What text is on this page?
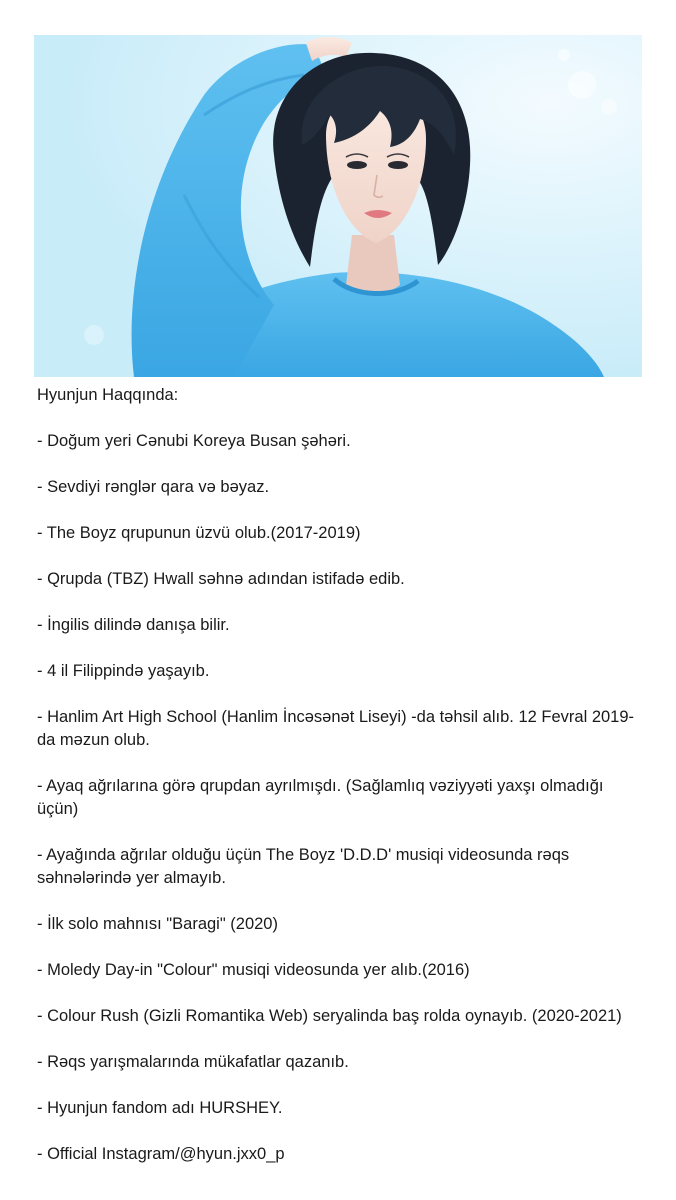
Hyunjun Haqqında:

- Doğum yeri Cənubi Koreya Busan şəhəri.

- Sevdiyi rənglər qara və bəyaz.

- The Boyz qrupunun üzvü olub.(2017-2019)

- Qrupda (TBZ) Hwall səhnə adından istifadə edib.

- İngilis dilində danışa bilir.

- 4 il Filippində yaşayıb.

- Hanlim Art High School (Hanlim İncəsənət Liseyi) -da təhsil alıb. 12 Fevral 2019-da məzun olub.

- Ayaq ağrılarına görə qrupdan ayrılmışdı. (Sağlamlıq vəziyyəti yaxşı olmadığı üçün)

- Ayağında ağrılar olduğu üçün The Boyz 'D.D.D' musiqi videosunda rəqs səhnələrində yer almayıb.

- İlk solo mahnısı "Baragi" (2020)

- Moledy Day-in "Colour" musiqi videosunda yer alıb.(2016)

- Colour Rush (Gizli Romantika Web) seryalinda baş rolda oynayıb. (2020-2021)

- Rəqs yarışmalarında mükafatlar qazanıb.

- Hyunjun fandom adı HURSHEY.

- Official Instagram/@hyun.jxx0_p
